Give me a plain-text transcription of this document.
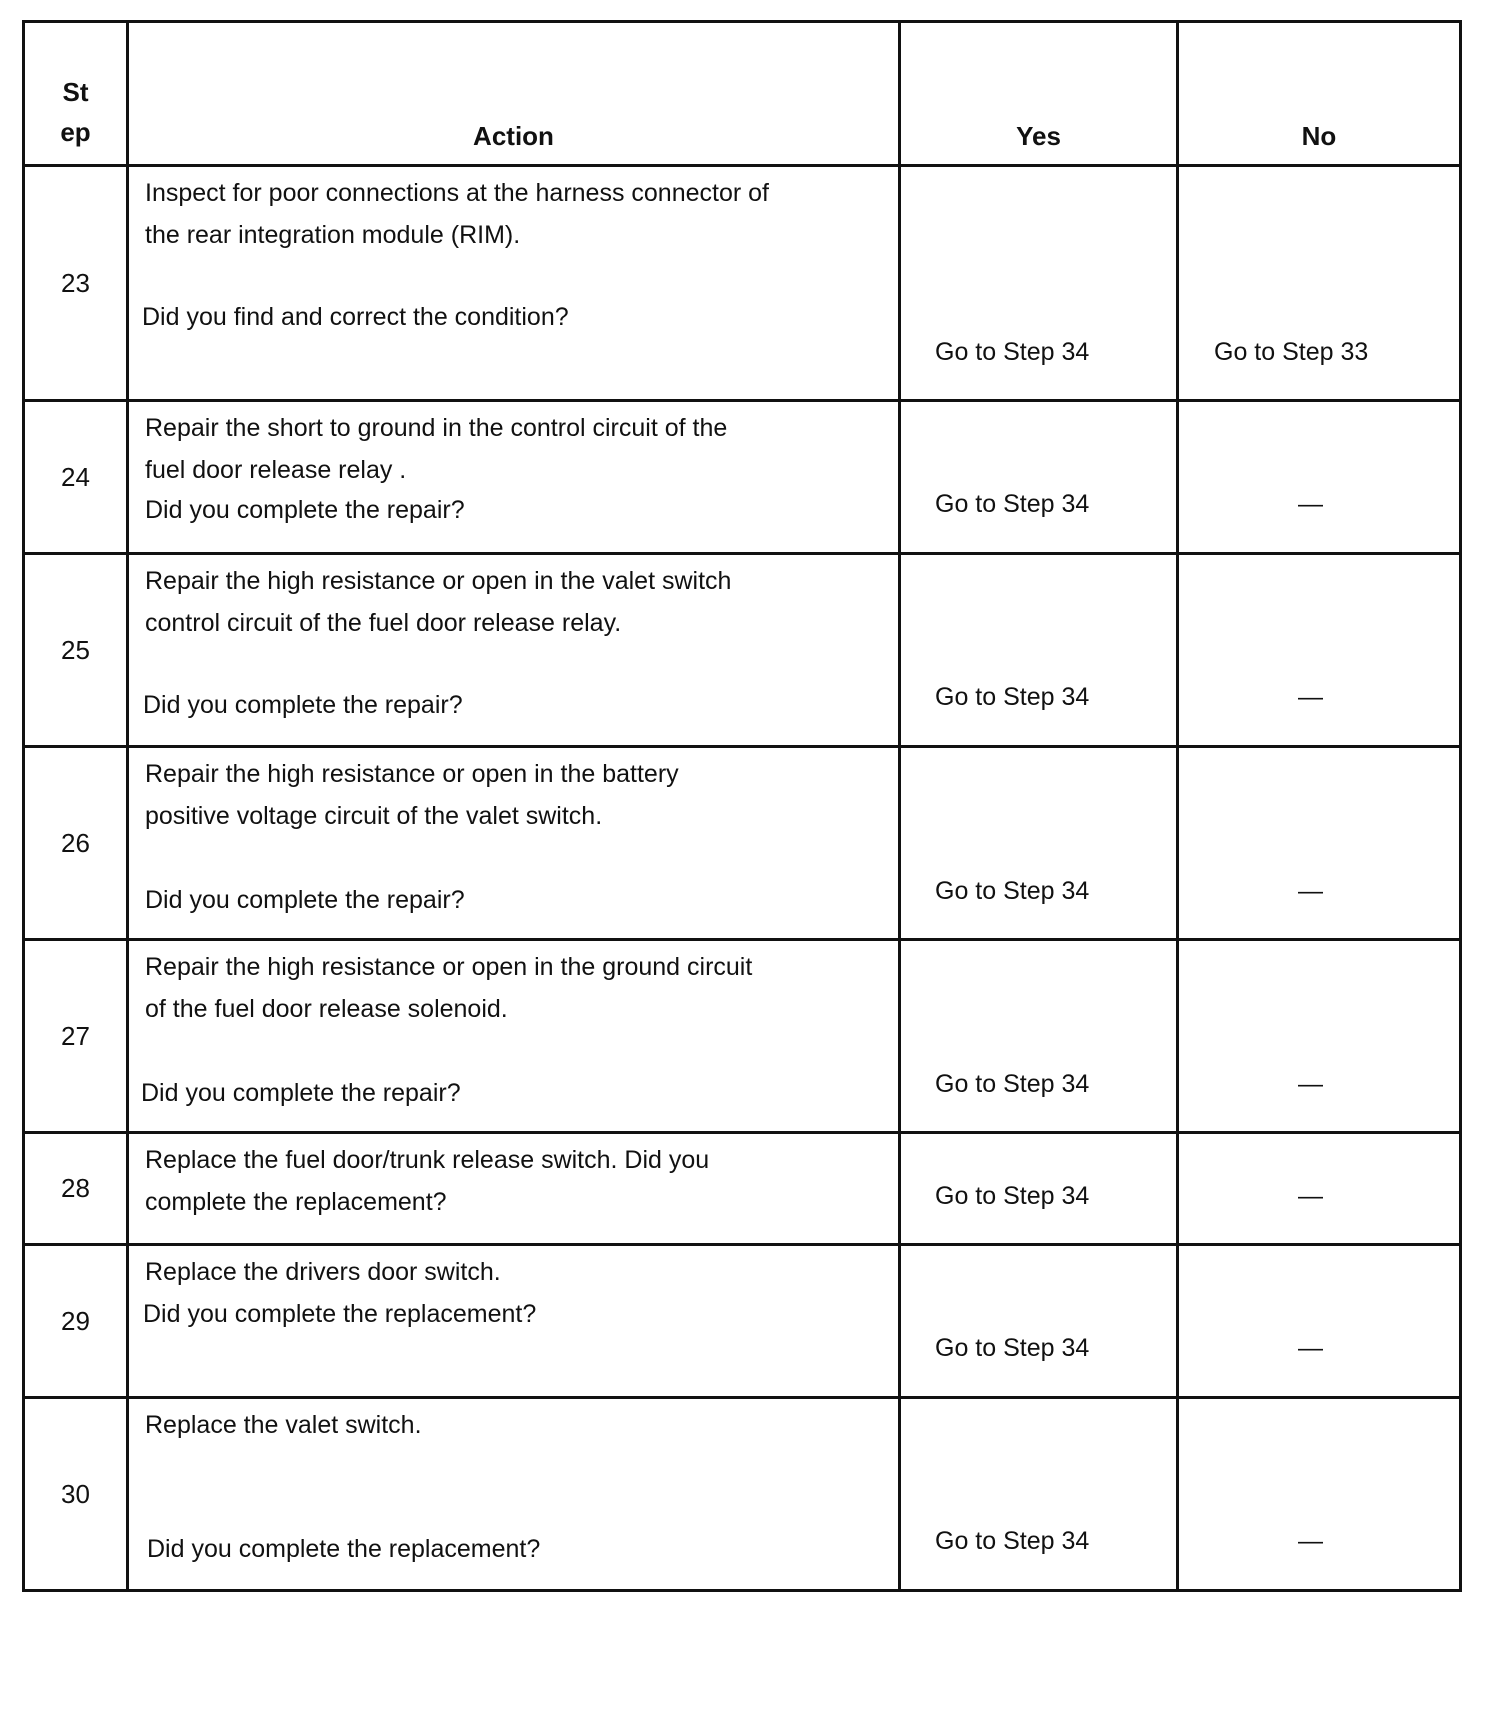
St
ep	Action	Yes	No
23	Inspect for poor connections at the harness connector of
the rear integration module (RIM).
Did you find and correct the condition?	Go to Step 34	Go to Step 33

24	Repair the short to ground in the control circuit of the
fuel door release relay .
Did you complete the repair?	Go to Step 34	—

25	Repair the high resistance or open in the valet switch
control circuit of the fuel door release relay.
Did you complete the repair?	Go to Step 34	—

26	Repair the high resistance or open in the battery
positive voltage circuit of the valet switch.
Did you complete the repair?	Go to Step 34	—

27	Repair the high resistance or open in the ground circuit
of the fuel door release solenoid.
Did you complete the repair?	Go to Step 34	—

28	Replace the fuel door/trunk release switch. Did you
complete the replacement?	Go to Step 34	—

29	Replace the drivers door switch.
Did you complete the replacement?	Go to Step 34	—

30	Replace the valet switch.
Did you complete the replacement?	Go to Step 34	—
